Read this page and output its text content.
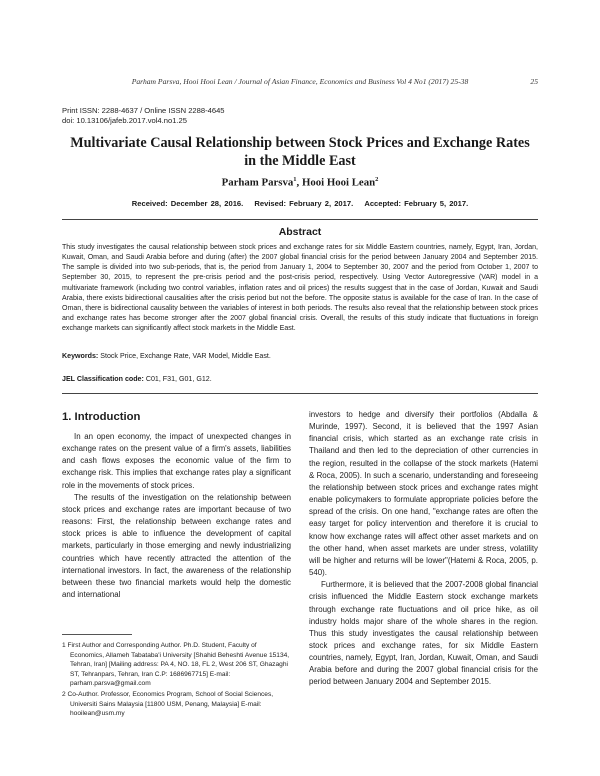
Parham Parsva, Hooi Hooi Lean / Journal of Asian Finance, Economics and Business Vol 4 No1 (2017) 25-38	25
Print ISSN: 2288-4637 / Online ISSN 2288-4645
doi: 10.13106/jafeb.2017.vol4.no1.25
Multivariate Causal Relationship between Stock Prices and Exchange Rates
in the Middle East
Parham Parsva$^1$, Hooi Hooi Lean$^2$
Received: December 28, 2016. Revised: February 2, 2017. Accepted: February 5, 2017.
Abstract
This study investigates the causal relationship between stock prices and exchange rates for six Middle Eastern countries, namely, Egypt, Iran, Jordan, Kuwait, Oman, and Saudi Arabia before and during (after) the 2007 global financial crisis for the period between January 2004 and September 2015. The sample is divided into two sub-periods, that is, the period from January 1, 2004 to September 30, 2007 and the period from October 1, 2007 to September 30, 2015, to represent the pre-crisis period and the post-crisis period, respectively. Using Vector Autoregressive (VAR) model in a multivariate framework (including two control variables, inflation rates and oil prices) the results suggest that in the case of Jordan, Kuwait and Saudi Arabia, there exists bidirectional causalities after the crisis period but not the before. The opposite status is available for the case of Iran. In the case of Oman, there is bidirectional causality between the variables of interest in both periods. The results also reveal that the relationship between stock prices and exchange rates has become stronger after the 2007 global financial crisis. Overall, the results of this study indicate that fluctuations in foreign exchange markets can significantly affect stock markets in the Middle East.
Keywords: Stock Price, Exchange Rate, VAR Model, Middle East.
JEL Classification code: C01, F31, G01, G12.
1. Introduction

In an open economy, the impact of unexpected changes in exchange rates on the present value of a firm's assets, liabilities and cash flows exposes the economic value of the firm to exchange risk. This implies that exchange rates play a significant role in the movements of stock prices.

The results of the investigation on the relationship between stock prices and exchange rates are important because of two reasons: First, the relationship between exchange rates and stock prices is able to influence the development of capital markets, particularly in those emerging and newly industrializing countries which have recently attracted the attention of the international investors. In fact, the awareness of the relationship between these two financial markets would help the domestic and international

investors to hedge and diversify their portfolios (Abdalla & Murinde, 1997). Second, it is believed that the 1997 Asian financial crisis, which started as an exchange rate crisis in Thailand and then led to the depreciation of other currencies in the region, resulted in the collapse of the stock markets (Hatemi & Roca, 2005). In such a scenario, understanding and foreseeing the relationship between stock prices and exchange rates might enable policymakers to formulate appropriate policies before the spread of the crisis. On one hand, "exchange rates are often the easy target for policy intervention and therefore it is crucial to know how exchange rates will affect other asset markets and on the other hand, when asset markets are under stress, volatility will be higher and returns will be lower"(Hatemi & Roca, 2005, p. 540).

Furthermore, it is believed that the 2007-2008 global financial crisis influenced the Middle Eastern stock exchange markets through exchange rate fluctuations and oil price hike, as oil industry holds major share of the whole shares in the region. Thus this study investigates the causal relationship between stock prices and exchange rates, for six Middle Eastern countries, namely, Egypt, Iran, Jordan, Kuwait, Oman, and Saudi Arabia before and during the 2007 global financial crisis for the period between January 2004 and September 2015.

1 First Author and Corresponding Author. Ph.D. Student, Faculty of Economics, Allameh Tabataba'i University [Shahid Beheshti Avenue 15134, Tehran, Iran] [Mailing address: PA 4, NO. 18, FL 2, West 206 ST, Ghazaghi ST, Tehranpars, Tehran, Iran C.P: 1686967715] E-mail: parham.parsva@gmail.com
2 Co-Author. Professor, Economics Program, School of Social Sciences, Universiti Sains Malaysia [11800 USM, Penang, Malaysia] E-mail: hooilean@usm.my
